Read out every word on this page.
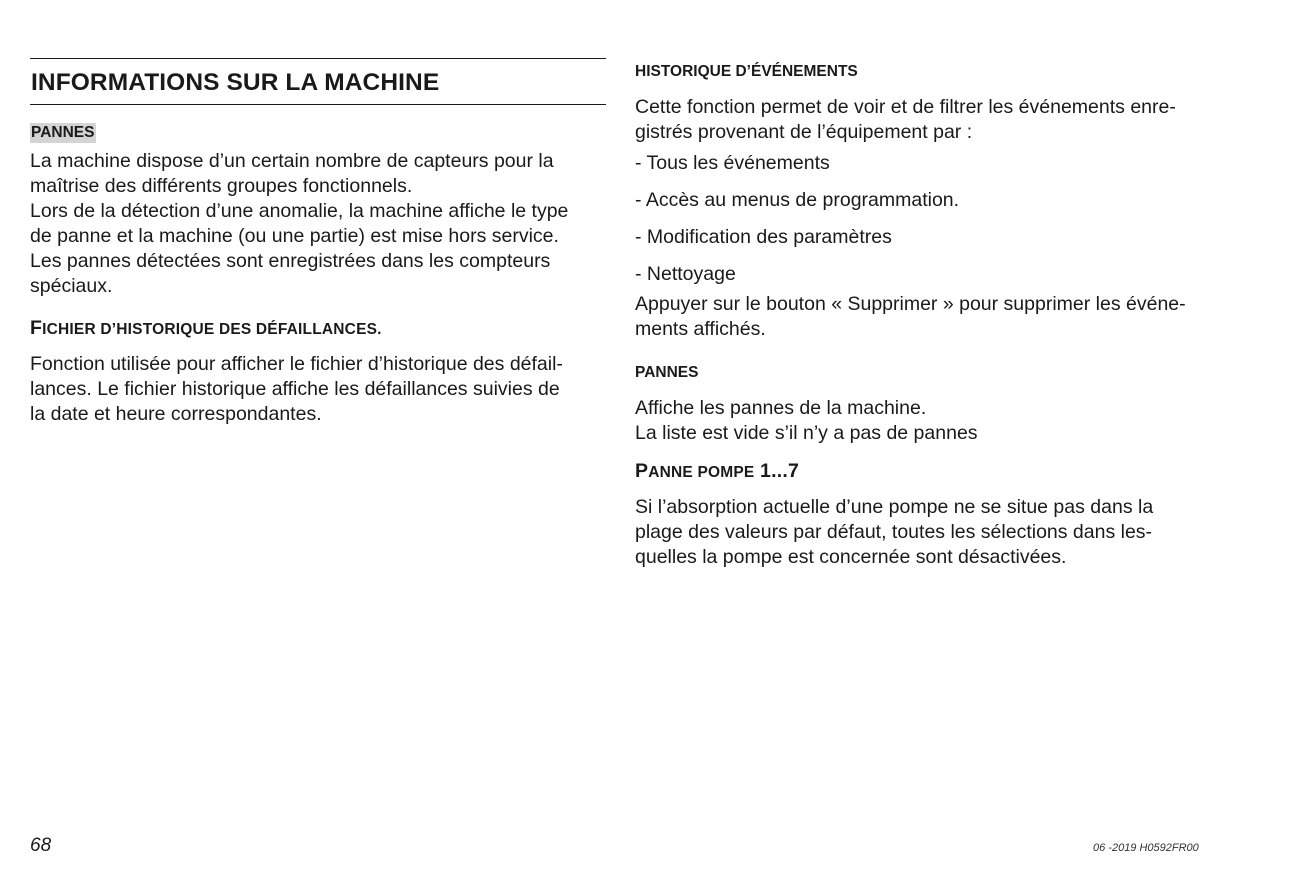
INFORMATIONS SUR LA MACHINE
PANNES

La machine dispose d’un certain nombre de capteurs pour la
maîtrise des différents groupes fonctionnels.
Lors de la détection d’une anomalie, la machine affiche le type
de panne et la machine (ou une partie) est mise hors service.
Les pannes détectées sont enregistrées dans les compteurs
spéciaux.

FICHIER D’HISTORIQUE DES DÉFAILLANCES.

Fonction utilisée pour afficher le fichier d’historique des défail-
lances. Le fichier historique affiche les défaillances suivies de
la date et heure correspondantes.

HISTORIQUE D’ÉVÉNEMENTS

Cette fonction permet de voir et de filtrer les événements enre-
gistrés provenant de l’équipement par :

- Tous les événements
- Accès au menus de programmation.
- Modification des paramètres
- Nettoyage

Appuyer sur le bouton « Supprimer » pour supprimer les événe-
ments affichés.

PANNES

Affiche les pannes de la machine.
La liste est vide s’il n’y a pas de pannes

PANNE POMPE 1...7

Si l’absorption actuelle d’une pompe ne se situe pas dans la
plage des valeurs par défaut, toutes les sélections dans les-
quelles la pompe est concernée sont désactivées.

68	06 -2019 H0592FR00
